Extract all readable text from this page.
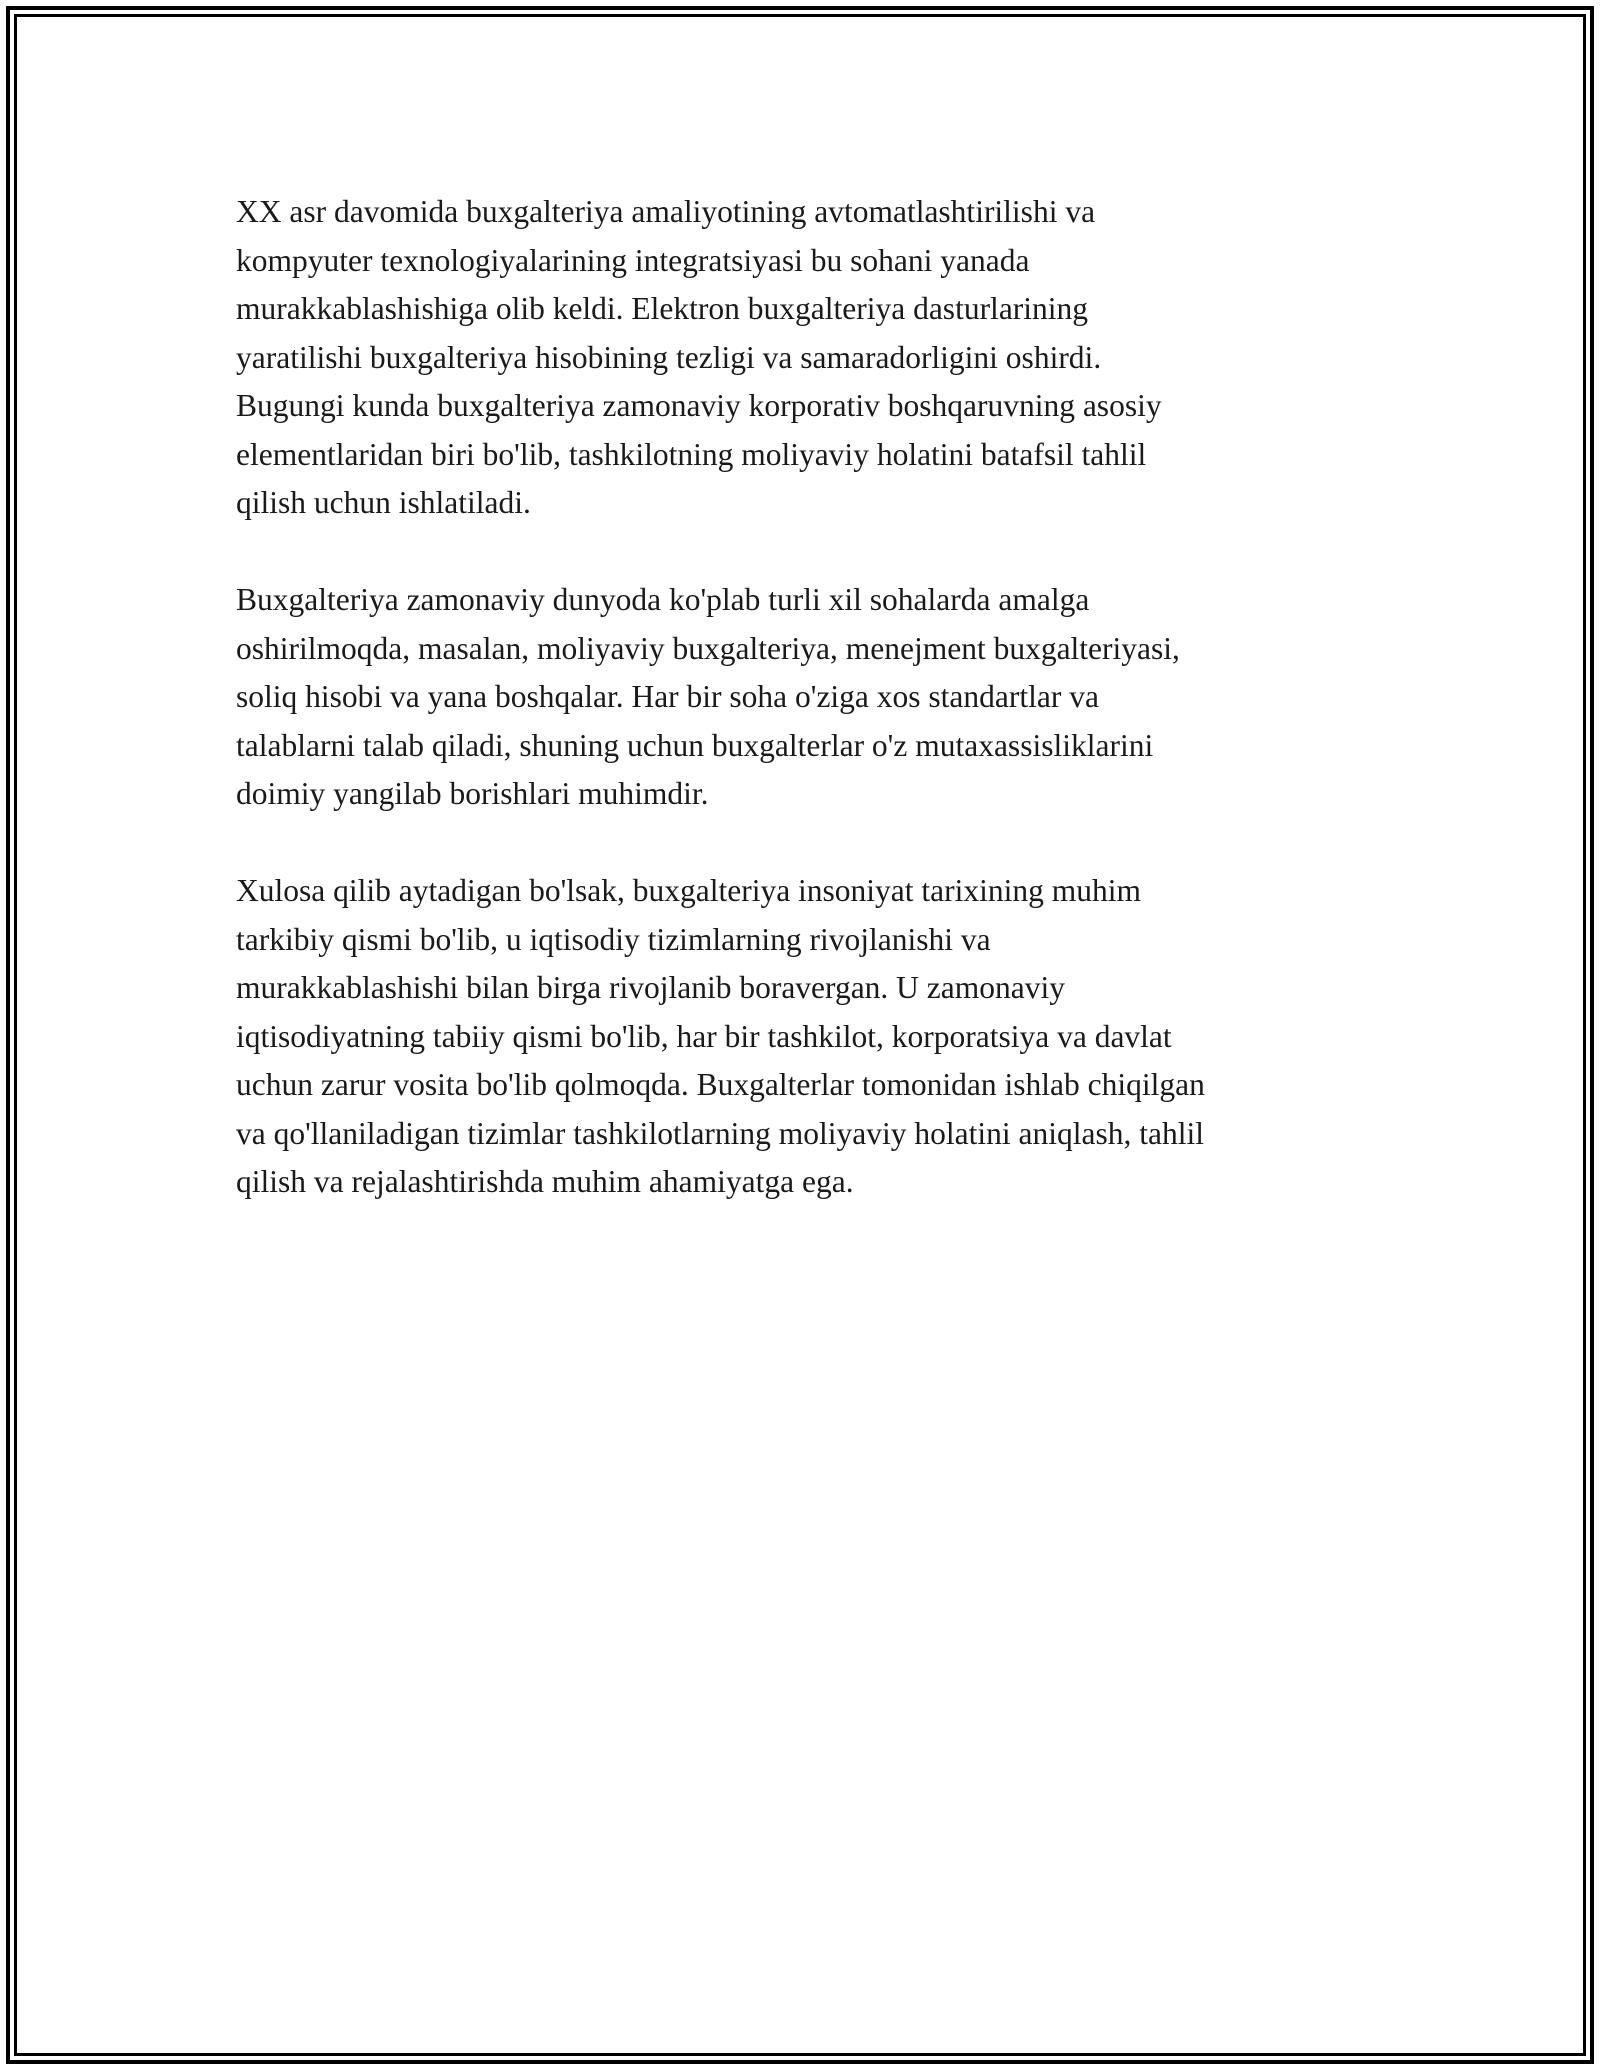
XX asr davomida buxgalteriya amaliyotining avtomatlashtirilishi va
kompyuter texnologiyalarining integratsiyasi bu sohani yanada
murakkablashishiga olib keldi. Elektron buxgalteriya dasturlarining
yaratilishi buxgalteriya hisobining tezligi va samaradorligini oshirdi.
Bugungi kunda buxgalteriya zamonaviy korporativ boshqaruvning asosiy
elementlaridan biri bo'lib, tashkilotning moliyaviy holatini batafsil tahlil
qilish uchun ishlatiladi.

Buxgalteriya zamonaviy dunyoda ko'plab turli xil sohalarda amalga
oshirilmoqda, masalan, moliyaviy buxgalteriya, menejment buxgalteriyasi,
soliq hisobi va yana boshqalar. Har bir soha o'ziga xos standartlar va
talablarni talab qiladi, shuning uchun buxgalterlar o'z mutaxassisliklarini
doimiy yangilab borishlari muhimdir.

Xulosa qilib aytadigan bo'lsak, buxgalteriya insoniyat tarixining muhim
tarkibiy qismi bo'lib, u iqtisodiy tizimlarning rivojlanishi va
murakkablashishi bilan birga rivojlanib boravergan. U zamonaviy
iqtisodiyatning tabiiy qismi bo'lib, har bir tashkilot, korporatsiya va davlat
uchun zarur vosita bo'lib qolmoqda. Buxgalterlar tomonidan ishlab chiqilgan
va qo'llaniladigan tizimlar tashkilotlarning moliyaviy holatini aniqlash, tahlil
qilish va rejalashtirishda muhim ahamiyatga ega.
